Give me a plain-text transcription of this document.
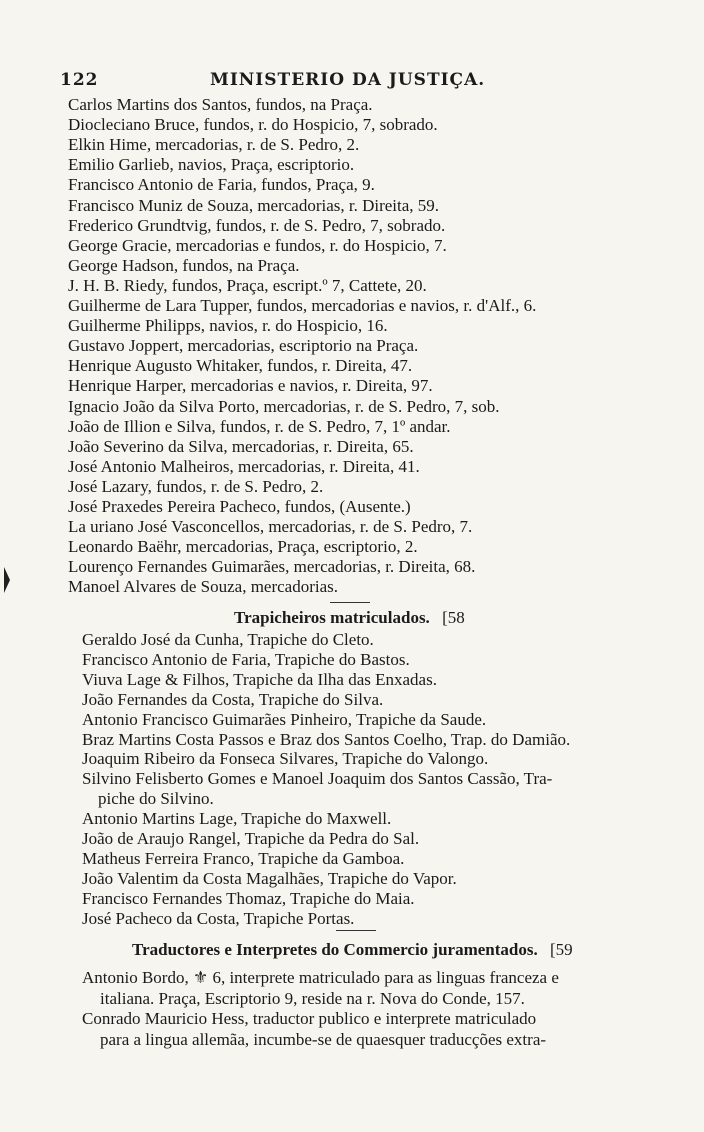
122	MINISTERIO DA JUSTIÇA.
Carlos Martins dos Santos, fundos, na Praça.
Diocleciano Bruce, fundos, r. do Hospicio, 7, sobrado.
Elkin Hime, mercadorias, r. de S. Pedro, 2.
Emilio Garlieb, navios, Praça, escriptorio.
Francisco Antonio de Faria, fundos, Praça, 9.
Francisco Muniz de Souza, mercadorias, r. Direita, 59.
Frederico Grundtvig, fundos, r. de S. Pedro, 7, sobrado.
George Gracie, mercadorias e fundos, r. do Hospicio, 7.
George Hadson, fundos, na Praça.
J. H. B. Riedy, fundos, Praça, escript.º 7, Cattete, 20.
Guilherme de Lara Tupper, fundos, mercadorias e navios, r. d'Alf., 6.
Guilherme Philipps, navios, r. do Hospicio, 16.
Gustavo Joppert, mercadorias, escriptorio na Praça.
Henrique Augusto Whitaker, fundos, r. Direita, 47.
Henrique Harper, mercadorias e navios, r. Direita, 97.
Ignacio João da Silva Porto, mercadorias, r. de S. Pedro, 7, sob.
João de Illion e Silva, fundos, r. de S. Pedro, 7, 1º andar.
João Severino da Silva, mercadorias, r. Direita, 65.
José Antonio Malheiros, mercadorias, r. Direita, 41.
José Lazary, fundos, r. de S. Pedro, 2.
José Praxedes Pereira Pacheco, fundos, (Ausente.)
La uriano José Vasconcellos, mercadorias, r. de S. Pedro, 7.
Leonardo Baëhr, mercadorias, Praça, escriptorio, 2.
Lourenço Fernandes Guimarães, mercadorias, r. Direita, 68.
Manoel Alvares de Souza, mercadorias.
Trapicheiros matriculados. [58
Geraldo José da Cunha, Trapiche do Cleto.
Francisco Antonio de Faria, Trapiche do Bastos.
Viuva Lage & Filhos, Trapiche da Ilha das Enxadas.
João Fernandes da Costa, Trapiche do Silva.
Antonio Francisco Guimarães Pinheiro, Trapiche da Saude.
Braz Martins Costa Passos e Braz dos Santos Coelho, Trap. do Damião.
Joaquim Ribeiro da Fonseca Silvares, Trapiche do Valongo.
Silvino Felisberto Gomes e Manoel Joaquim dos Santos Cassão, Tra-
piche do Silvino.
Antonio Martins Lage, Trapiche do Maxwell.
João de Araujo Rangel, Trapiche da Pedra do Sal.
Matheus Ferreira Franco, Trapiche da Gamboa.
João Valentim da Costa Magalhães, Trapiche do Vapor.
Francisco Fernandes Thomaz, Trapiche do Maia.
José Pacheco da Costa, Trapiche Portas.
Traductores e Interpretes do Commercio juramentados. [59
Antonio Bordo, ⚜ 6, interprete matriculado para as linguas franceza e
italiana. Praça, Escriptorio 9, reside na r. Nova do Conde, 157.
Conrado Mauricio Hess, traductor publico e interprete matriculado
para a lingua allemãa, incumbe-se de quaesquer traducções extra-
